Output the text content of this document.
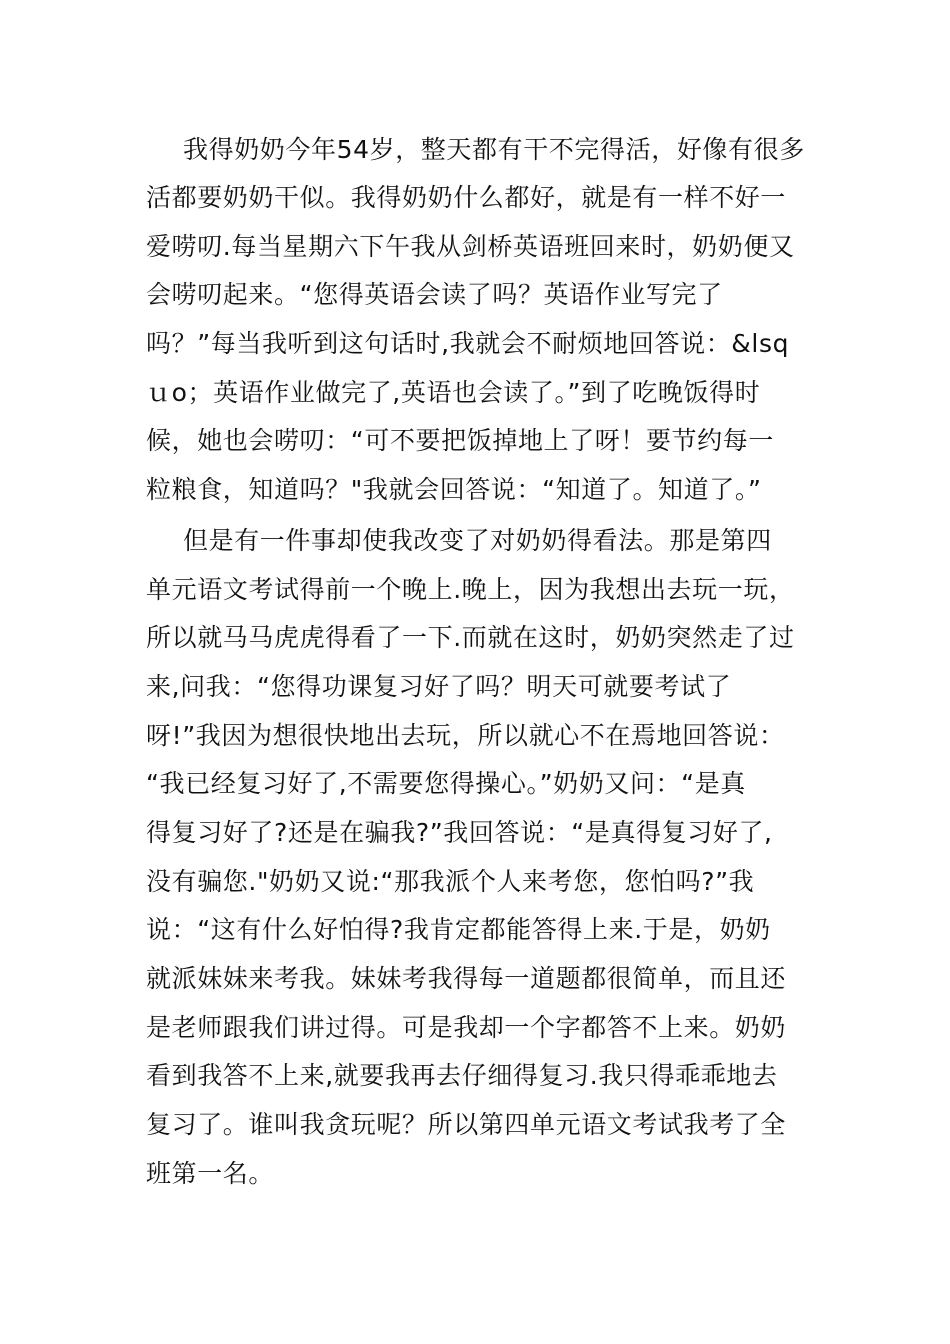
我得奶奶今年54岁，整天都有干不完得活，好像有很多
活都要奶奶干似。我得奶奶什么都好，就是有一样不好一
爱唠叨.每当星期六下午我从剑桥英语班回来时，奶奶便又
会唠叨起来。“您得英语会读了吗？英语作业写完了
吗？”每当我听到这句话时,我就会不耐烦地回答说：&lsq
ｕo；英语作业做完了,英语也会读了。”到了吃晚饭得时
候，她也会唠叨：“可不要把饭掉地上了呀！要节约每一
粒粮食，知道吗？"我就会回答说：“知道了。知道了。”
但是有一件事却使我改变了对奶奶得看法。那是第四
单元语文考试得前一个晚上.晚上，因为我想出去玩一玩，
所以就马马虎虎得看了一下.而就在这时，奶奶突然走了过
来,问我：“您得功课复习好了吗？明天可就要考试了
呀!”我因为想很快地出去玩，所以就心不在焉地回答说：
“我已经复习好了,不需要您得操心。”奶奶又问：“是真
得复习好了?还是在骗我?”我回答说：“是真得复习好了,
没有骗您."奶奶又说:“那我派个人来考您，您怕吗?”我
说：“这有什么好怕得?我肯定都能答得上来.于是，奶奶
就派妹妹来考我。妹妹考我得每一道题都很简单，而且还
是老师跟我们讲过得。可是我却一个字都答不上来。奶奶
看到我答不上来,就要我再去仔细得复习.我只得乖乖地去
复习了。谁叫我贪玩呢？所以第四单元语文考试我考了全
班第一名。
